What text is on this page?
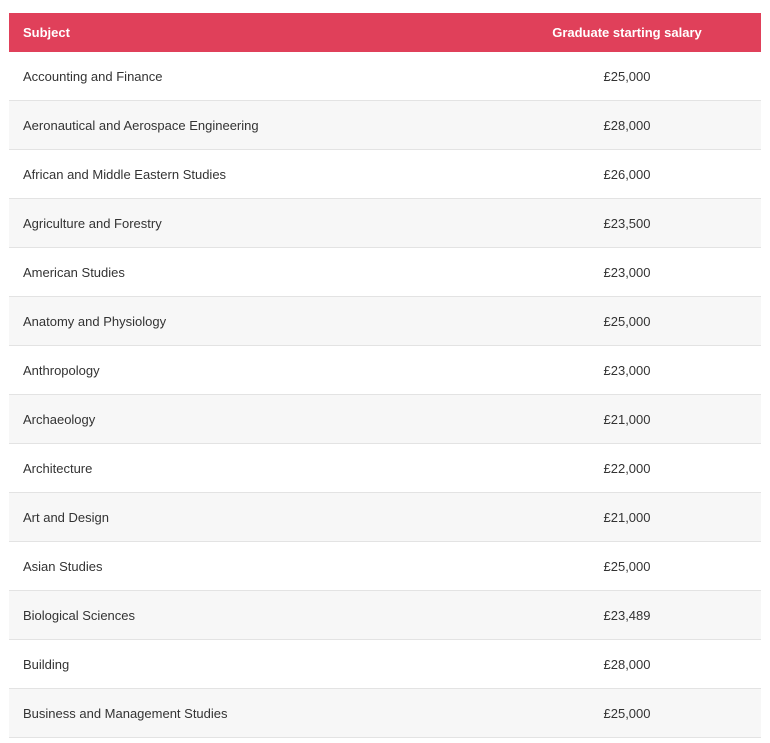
Subject	Graduate starting salary
Accounting and Finance	£25,000
Aeronautical and Aerospace Engineering	£28,000
African and Middle Eastern Studies	£26,000
Agriculture and Forestry	£23,500
American Studies	£23,000
Anatomy and Physiology	£25,000
Anthropology	£23,000
Archaeology	£21,000
Architecture	£22,000
Art and Design	£21,000
Asian Studies	£25,000
Biological Sciences	£23,489
Building	£28,000
Business and Management Studies	£25,000
